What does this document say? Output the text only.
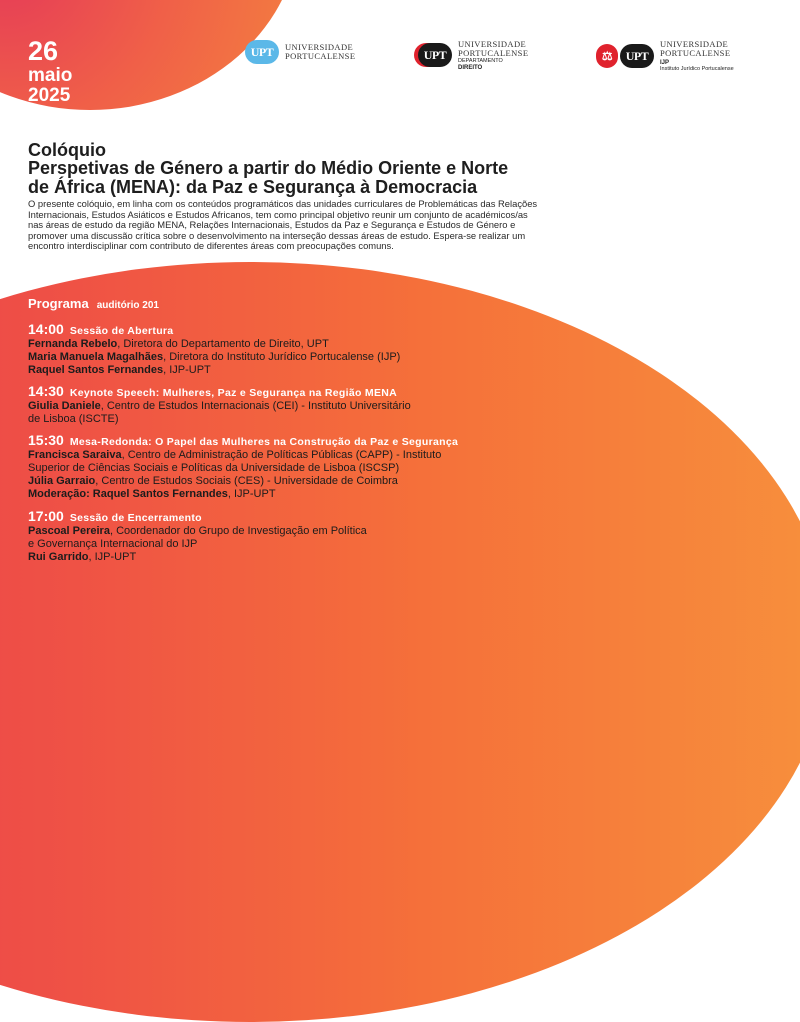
26
maio
2025
UPT	UNIVERSIDADE
PORTUCALENSE	UPT
UNIVERSIDADE
PORTUCALENSE
DEPARTAMENTO
DIREITO
⚖	UPT
UNIVERSIDADE
PORTUCALENSE
IJP
Instituto Jurídico Portucalense
Colóquio
Perspetivas de Género a partir do Médio Oriente e Norte
de África (MENA): da Paz e Segurança à Democracia
O presente colóquio, em linha com os conteúdos programáticos das unidades curriculares de Problemáticas das Relações
Internacionais, Estudos Asiáticos e Estudos Africanos, tem como principal objetivo reunir um conjunto de académicos/as
nas áreas de estudo da região MENA, Relações Internacionais, Estudos da Paz e Segurança e Estudos de Género e
promover uma discussão crítica sobre o desenvolvimento na interseção dessas áreas de estudo. Espera-se realizar um
encontro interdisciplinar com contributo de diferentes áreas com preocupações comuns.
Programa auditório 201
14:00 Sessão de Abertura
Fernanda Rebelo, Diretora do Departamento de Direito, UPT
Maria Manuela Magalhães, Diretora do Instituto Jurídico Portucalense (IJP)
Raquel Santos Fernandes, IJP-UPT
14:30 Keynote Speech: Mulheres, Paz e Segurança na Região MENA
Giulia Daniele, Centro de Estudos Internacionais (CEI) - Instituto Universitário
de Lisboa (ISCTE)
15:30 Mesa-Redonda: O Papel das Mulheres na Construção da Paz e Segurança
Francisca Saraiva, Centro de Administração de Políticas Públicas (CAPP) - Instituto
Superior de Ciências Sociais e Políticas da Universidade de Lisboa (ISCSP)
Júlia Garraio, Centro de Estudos Sociais (CES) - Universidade de Coimbra
Moderação: Raquel Santos Fernandes, IJP-UPT
17:00 Sessão de Encerramento
Pascoal Pereira, Coordenador do Grupo de Investigação em Política
e Governança Internacional do IJP
Rui Garrido, IJP-UPT
